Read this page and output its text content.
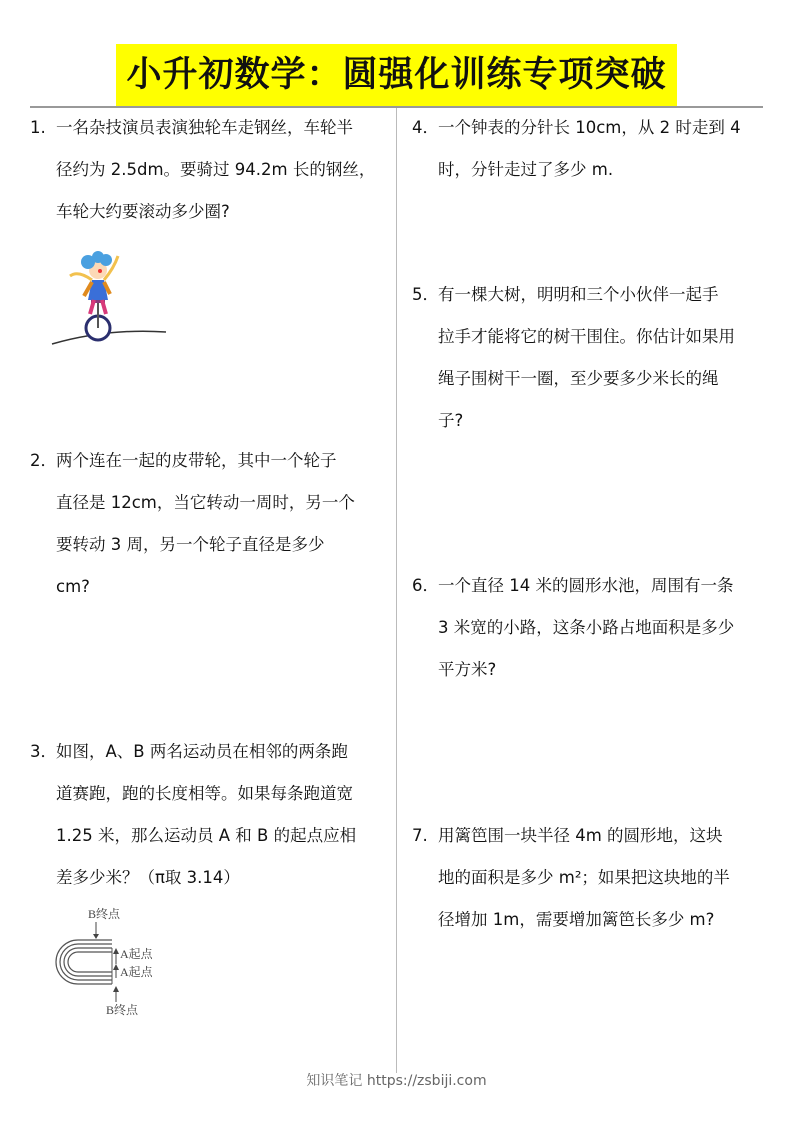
小升初数学：圆强化训练专项突破
1. 一名杂技演员表演独轮车走钢丝，车轮半
径约为 2.5dm。要骑过 94.2m 长的钢丝，
车轮大约要滚动多少圈?
2． 两个连在一起的皮带轮，其中一个轮子
直径是 12cm，当它转动一周时，另一个
要转动 3 周，另一个轮子直径是多少
cm?
3． 如图，A、B 两名运动员在相邻的两条跑
道赛跑，跑的长度相等。如果每条跑道宽
1.25 米，那么运动员 A 和 B 的起点应相
差多少米？（π取 3.14）
B终点
A起点
A起点
B终点
4． 一个钟表的分针长 10cm，从 2 时走到 4
时，分针走过了多少 m.
5． 有一棵大树，明明和三个小伙伴一起手
拉手才能将它的树干围住。你估计如果用
绳子围树干一圈，至少要多少米长的绳
子?
6． 一个直径 14 米的圆形水池，周围有一条
3 米宽的小路，这条小路占地面积是多少
平方米?
7. 用篱笆围一块半径 4m 的圆形地，这块
地的面积是多少 m²；如果把这块地的半
径增加 1m，需要增加篱笆长多少 m?
知识笔记 https://zsbiji.com
